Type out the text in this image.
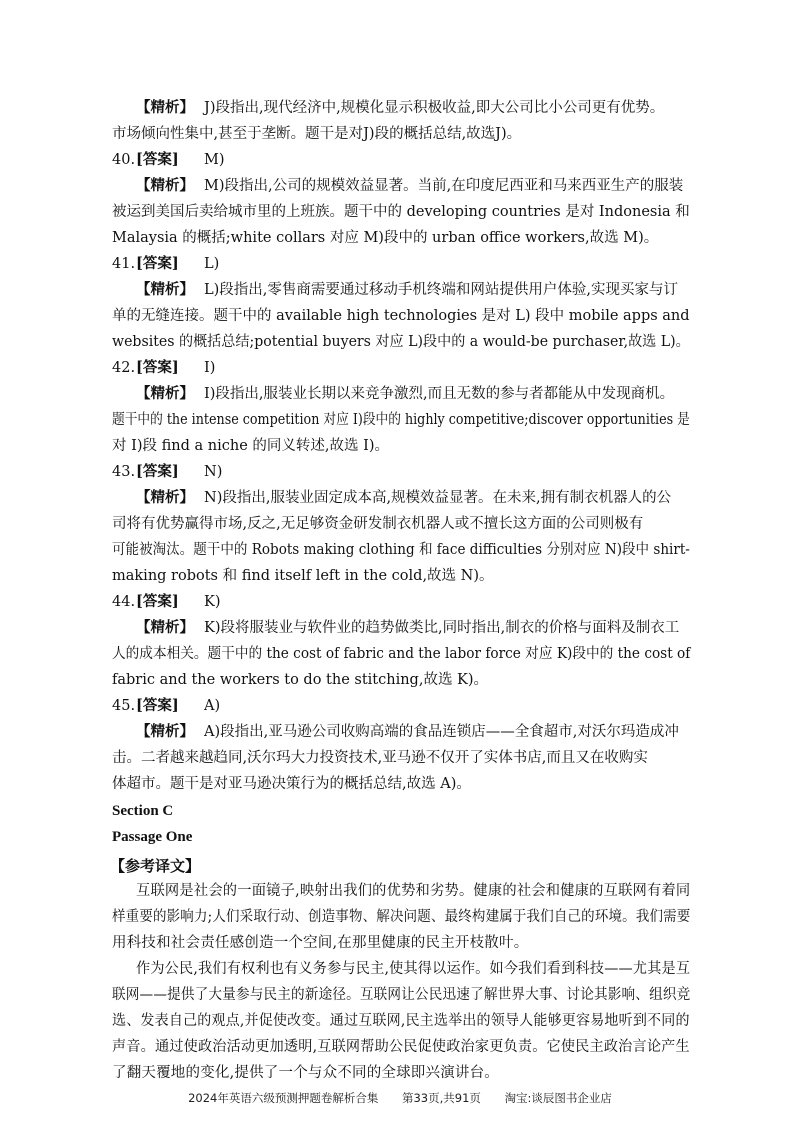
【精析】 J)段指出,现代经济中,规模化显示积极收益,即大公司比小公司更有优势。
市场倾向性集中,甚至于垄断。题干是对J)段的概括总结,故选J)。
40.[答案] M)
【精析】 M)段指出,公司的规模效益显著。当前,在印度尼西亚和马来西亚生产的服装
被运到美国后卖给城市里的上班族。题干中的 developing countries 是对 Indonesia 和
Malaysia 的概括;white collars 对应 M)段中的 urban office workers,故选 M)。
41.[答案] L)
【精析】 L)段指出,零售商需要通过移动手机终端和网站提供用户体验,实现买家与订
单的无缝连接。题干中的 available high technologies 是对 L) 段中 mobile apps and
websites 的概括总结;potential buyers 对应 L)段中的 a would-be purchaser,故选 L)。
42.[答案] I)
【精析】 I)段指出,服装业长期以来竞争激烈,而且无数的参与者都能从中发现商机。
题干中的 the intense competition 对应 I)段中的 highly competitive;discover opportunities 是
对 I)段 find a niche 的同义转述,故选 I)。
43.[答案] N)
【精析】 N)段指出,服装业固定成本高,规模效益显著。在未来,拥有制衣机器人的公
司将有优势赢得市场,反之,无足够资金研发制衣机器人或不擅长这方面的公司则极有
可能被淘汰。题干中的 Robots making clothing 和 face difficulties 分别对应 N)段中 shirt-
making robots 和 find itself left in the cold,故选 N)。
44.[答案] K)
【精析】 K)段将服装业与软件业的趋势做类比,同时指出,制衣的价格与面料及制衣工
人的成本相关。题干中的 the cost of fabric and the labor force 对应 K)段中的 the cost of
fabric and the workers to do the stitching,故选 K)。
45.[答案] A)
【精析】 A)段指出,亚马逊公司收购高端的食品连锁店——全食超市,对沃尔玛造成冲
击。二者越来越趋同,沃尔玛大力投资技术,亚马逊不仅开了实体书店,而且又在收购实
体超市。题干是对亚马逊决策行为的概括总结,故选 A)。
Section C
Passage One
【参考译文】
互联网是社会的一面镜子,映射出我们的优势和劣势。健康的社会和健康的互联网有着同
样重要的影响力;人们采取行动、创造事物、解决问题、最终构建属于我们自己的环境。我们需要
用科技和社会责任感创造一个空间,在那里健康的民主开枝散叶。
作为公民,我们有权利也有义务参与民主,使其得以运作。如今我们看到科技——尤其是互
联网——提供了大量参与民主的新途径。互联网让公民迅速了解世界大事、讨论其影响、组织竞
选、发表自己的观点,并促使改变。通过互联网,民主选举出的领导人能够更容易地听到不同的
声音。通过使政治活动更加透明,互联网帮助公民促使政治家更负责。它使民主政治言论产生
了翻天覆地的变化,提供了一个与众不同的全球即兴演讲台。
2024年英语六级预测押题卷解析合集 第33页,共91页 淘宝:谈辰图书企业店
